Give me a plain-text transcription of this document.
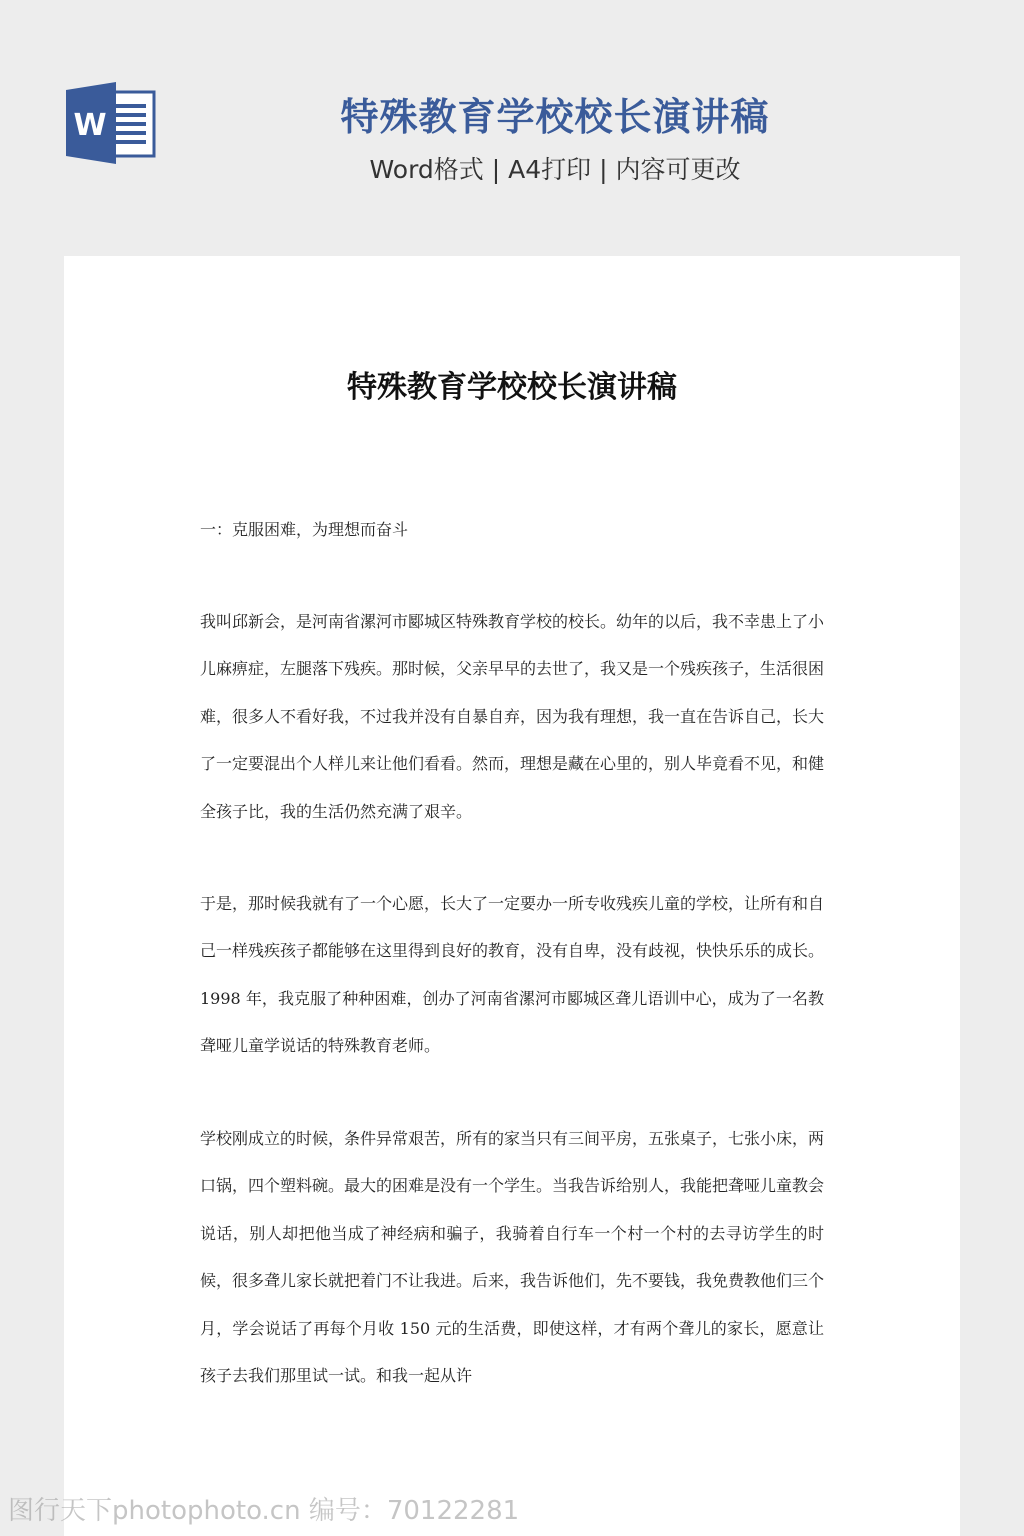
W	特殊教育学校校长演讲稿
Word格式 | A4打印 | 内容可更改
特殊教育学校校长演讲稿

一：克服困难，为理想而奋斗

我叫邱新会，是河南省漯河市郾城区特殊教育学校的校长。幼年的以后，我不幸患上了小儿麻痹症，左腿落下残疾。那时候，父亲早早的去世了，我又是一个残疾孩子，生活很困难，很多人不看好我，不过我并没有自暴自弃，因为我有理想，我一直在告诉自己，长大了一定要混出个人样儿来让他们看看。然而，理想是藏在心里的，别人毕竟看不见，和健全孩子比，我的生活仍然充满了艰辛。

于是，那时候我就有了一个心愿，长大了一定要办一所专收残疾儿童的学校，让所有和自己一样残疾孩子都能够在这里得到良好的教育，没有自卑，没有歧视，快快乐乐的成长。1998 年，我克服了种种困难，创办了河南省漯河市郾城区聋儿语训中心，成为了一名教聋哑儿童学说话的特殊教育老师。

学校刚成立的时候，条件异常艰苦，所有的家当只有三间平房，五张桌子，七张小床，两口锅，四个塑料碗。最大的困难是没有一个学生。当我告诉给别人，我能把聋哑儿童教会说话，别人却把他当成了神经病和骗子，我骑着自行车一个村一个村的去寻访学生的时候，很多聋儿家长就把着门不让我进。后来，我告诉他们，先不要钱，我免费教他们三个月，学会说话了再每个月收 150 元的生活费，即使这样，才有两个聋儿的家长，愿意让孩子去我们那里试一试。和我一起从许

图行天下photophoto.cn 编号：70122281
